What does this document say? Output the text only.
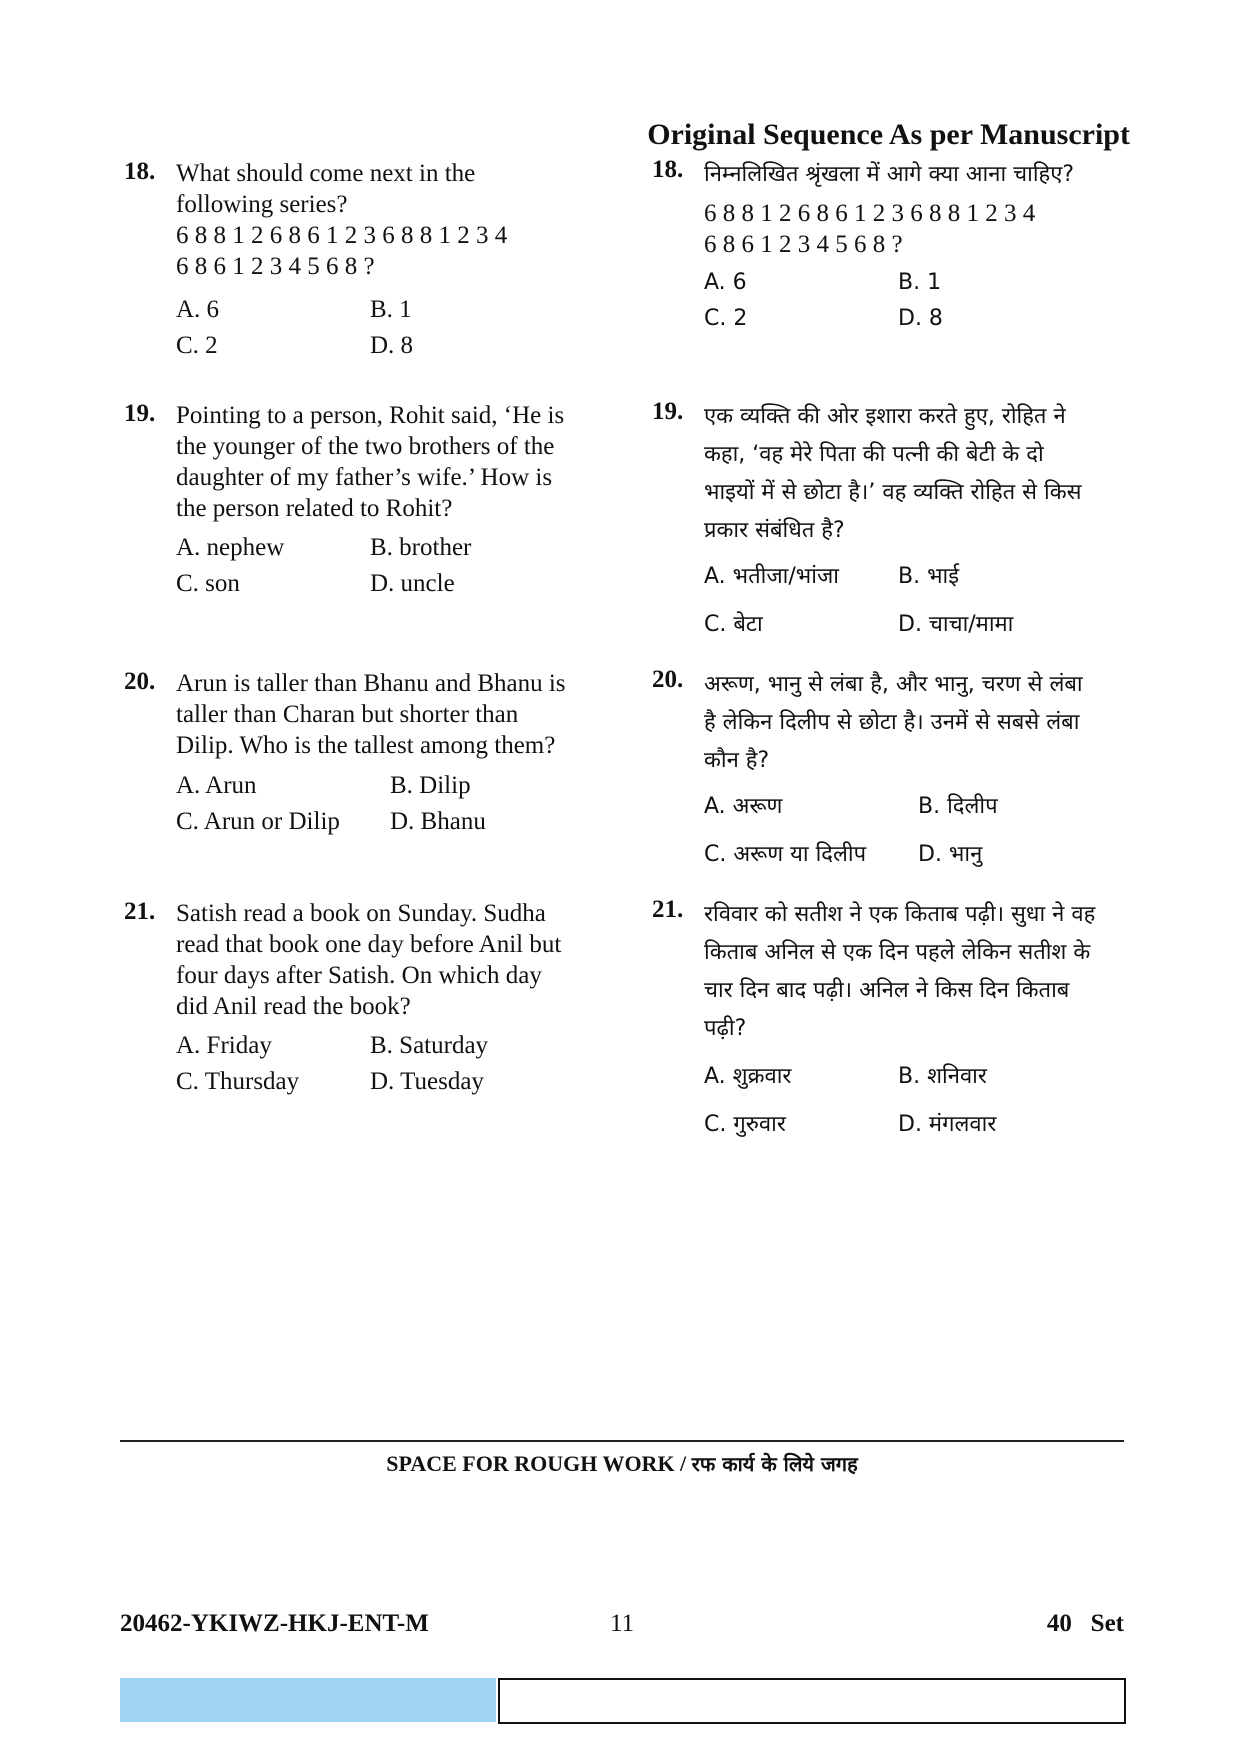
Original Sequence As per Manuscript
18. What should come next in the
following series?
6 8 8 1 2 6 8 6 1 2 3 6 8 8 1 2 3 4
6 8 6 1 2 3 4 5 6 8 ?
A. 6	B. 1
C. 2	D. 8
19. Pointing to a person, Rohit said, ‘He is
the younger of the two brothers of the
daughter of my father’s wife.’ How is
the person related to Rohit?
A. nephew	B. brother
C. son	D. uncle
20. Arun is taller than Bhanu and Bhanu is
taller than Charan but shorter than
Dilip. Who is the tallest among them?
A. Arun	B. Dilip
C. Arun or Dilip D. Bhanu
21. Satish read a book on Sunday. Sudha
read that book one day before Anil but
four days after Satish. On which day
did Anil read the book?
A. Friday	B. Saturday
C. Thursday	D. Tuesday
18. निम्नलिखित श्रृंखला में आगे क्या आना चाहिए?
6 8 8 1 2 6 8 6 1 2 3 6 8 8 1 2 3 4
6 8 6 1 2 3 4 5 6 8 ?
A. 6	B. 1
C. 2	D. 8
19. एक व्यक्ति की ओर इशारा करते हुए, रोहित ने
कहा, ‘वह मेरे पिता की पत्नी की बेटी के दो
भाइयों में से छोटा है।’ वह व्यक्ति रोहित से किस
प्रकार संबंधित है?
A. भतीजा/भांजा	B. भाई
C. बेटा	D. चाचा/मामा
20. अरूण, भानु से लंबा है, और भानु, चरण से लंबा
है लेकिन दिलीप से छोटा है। उनमें से सबसे लंबा
कौन है?
A. अरूण	B. दिलीप
C. अरूण या दिलीप D. भानु
21. रविवार को सतीश ने एक किताब पढ़ी। सुधा ने वह
किताब अनिल से एक दिन पहले लेकिन सतीश के
चार दिन बाद पढ़ी। अनिल ने किस दिन किताब
पढ़ी?
A. शुक्रवार	B. शनिवार
C. गुरुवार	D. मंगलवार
SPACE FOR ROUGH WORK / रफ कार्य के लिये जगह
20462-YKIWZ-HKJ-ENT-M	11	40   Set
